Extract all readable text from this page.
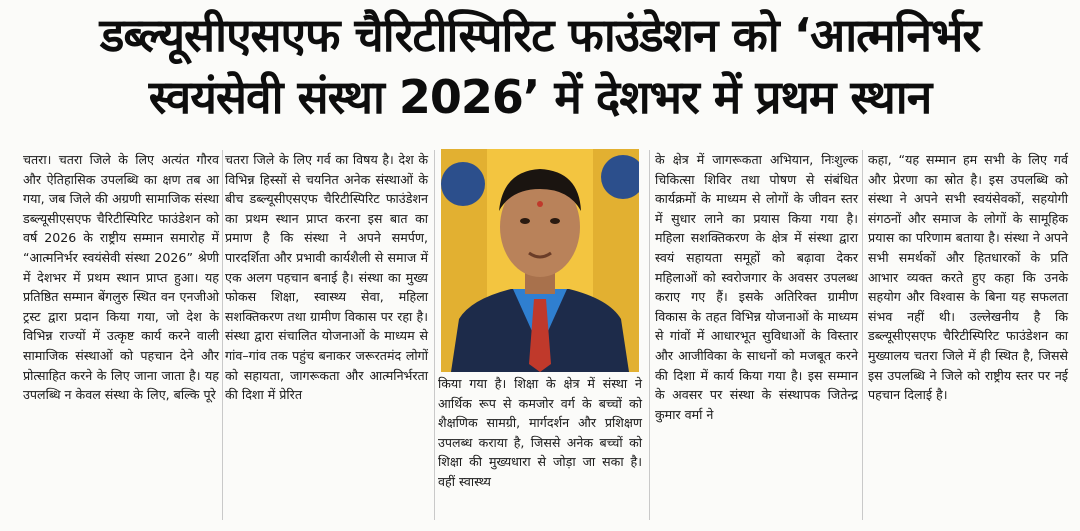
डब्ल्यूसीएसएफ चैरिटीस्पिरिट फाउंडेशन को ‘आत्मनिर्भर
स्वयंसेवी संस्था 2026’ में देशभर में प्रथम स्थान

चतरा। चतरा जिले के लिए अत्यंत गौरव और ऐतिहासिक उपलब्धि का क्षण तब आ गया, जब जिले की अग्रणी सामाजिक संस्था डब्ल्यूसीएसएफ चैरिटीस्पिरिट फाउंडेशन को वर्ष 2026 के राष्ट्रीय सम्मान समारोह में “आत्मनिर्भर स्वयंसेवी संस्था 2026” श्रेणी में देशभर में प्रथम स्थान प्राप्त हुआ। यह प्रतिष्ठित सम्मान बेंगलुरु स्थित वन एनजीओ ट्रस्ट द्वारा प्रदान किया गया, जो देश के विभिन्न राज्यों में उत्कृष्ट कार्य करने वाली सामाजिक संस्थाओं को पहचान देने और प्रोत्साहित करने के लिए जाना जाता है। यह उपलब्धि न केवल संस्था के लिए, बल्कि पूरे

चतरा जिले के लिए गर्व का विषय है। देश के विभिन्न हिस्सों से चयनित अनेक संस्थाओं के बीच डब्ल्यूसीएसएफ चैरिटीस्पिरिट फाउंडेशन का प्रथम स्थान प्राप्त करना इस बात का प्रमाण है कि संस्था ने अपने समर्पण, पारदर्शिता और प्रभावी कार्यशैली से समाज में एक अलग पहचान बनाई है। संस्था का मुख्य फोकस शिक्षा, स्वास्थ्य सेवा, महिला सशक्तिकरण तथा ग्रामीण विकास पर रहा है। संस्था द्वारा संचालित योजनाओं के माध्यम से गांव–गांव तक पहुंच बनाकर जरूरतमंद लोगों को सहायता, जागरूकता और आत्मनिर्भरता की दिशा में प्रेरित

किया गया है। शिक्षा के क्षेत्र में संस्था ने आर्थिक रूप से कमजोर वर्ग के बच्चों को शैक्षणिक सामग्री, मार्गदर्शन और प्रशिक्षण उपलब्ध कराया है, जिससे अनेक बच्चों को शिक्षा की मुख्यधारा से जोड़ा जा सका है। वहीं स्वास्थ्य

के क्षेत्र में जागरूकता अभियान, निःशुल्क चिकित्सा शिविर तथा पोषण से संबंधित कार्यक्रमों के माध्यम से लोगों के जीवन स्तर में सुधार लाने का प्रयास किया गया है। महिला सशक्तिकरण के क्षेत्र में संस्था द्वारा स्वयं सहायता समूहों को बढ़ावा देकर महिलाओं को स्वरोजगार के अवसर उपलब्ध कराए गए हैं। इसके अतिरिक्त ग्रामीण विकास के तहत विभिन्न योजनाओं के माध्यम से गांवों में आधारभूत सुविधाओं के विस्तार और आजीविका के साधनों को मजबूत करने की दिशा में कार्य किया गया है। इस सम्मान के अवसर पर संस्था के संस्थापक जितेन्द्र कुमार वर्मा ने

कहा, “यह सम्मान हम सभी के लिए गर्व और प्रेरणा का स्रोत है। इस उपलब्धि को संस्था ने अपने सभी स्वयंसेवकों, सहयोगी संगठनों और समाज के लोगों के सामूहिक प्रयास का परिणाम बताया है। संस्था ने अपने सभी समर्थकों और हितधारकों के प्रति आभार व्यक्त करते हुए कहा कि उनके सहयोग और विश्वास के बिना यह सफलता संभव नहीं थी। उल्लेखनीय है कि डब्ल्यूसीएसएफ चैरिटीस्पिरिट फाउंडेशन का मुख्यालय चतरा जिले में ही स्थित है, जिससे इस उपलब्धि ने जिले को राष्ट्रीय स्तर पर नई पहचान दिलाई है।
